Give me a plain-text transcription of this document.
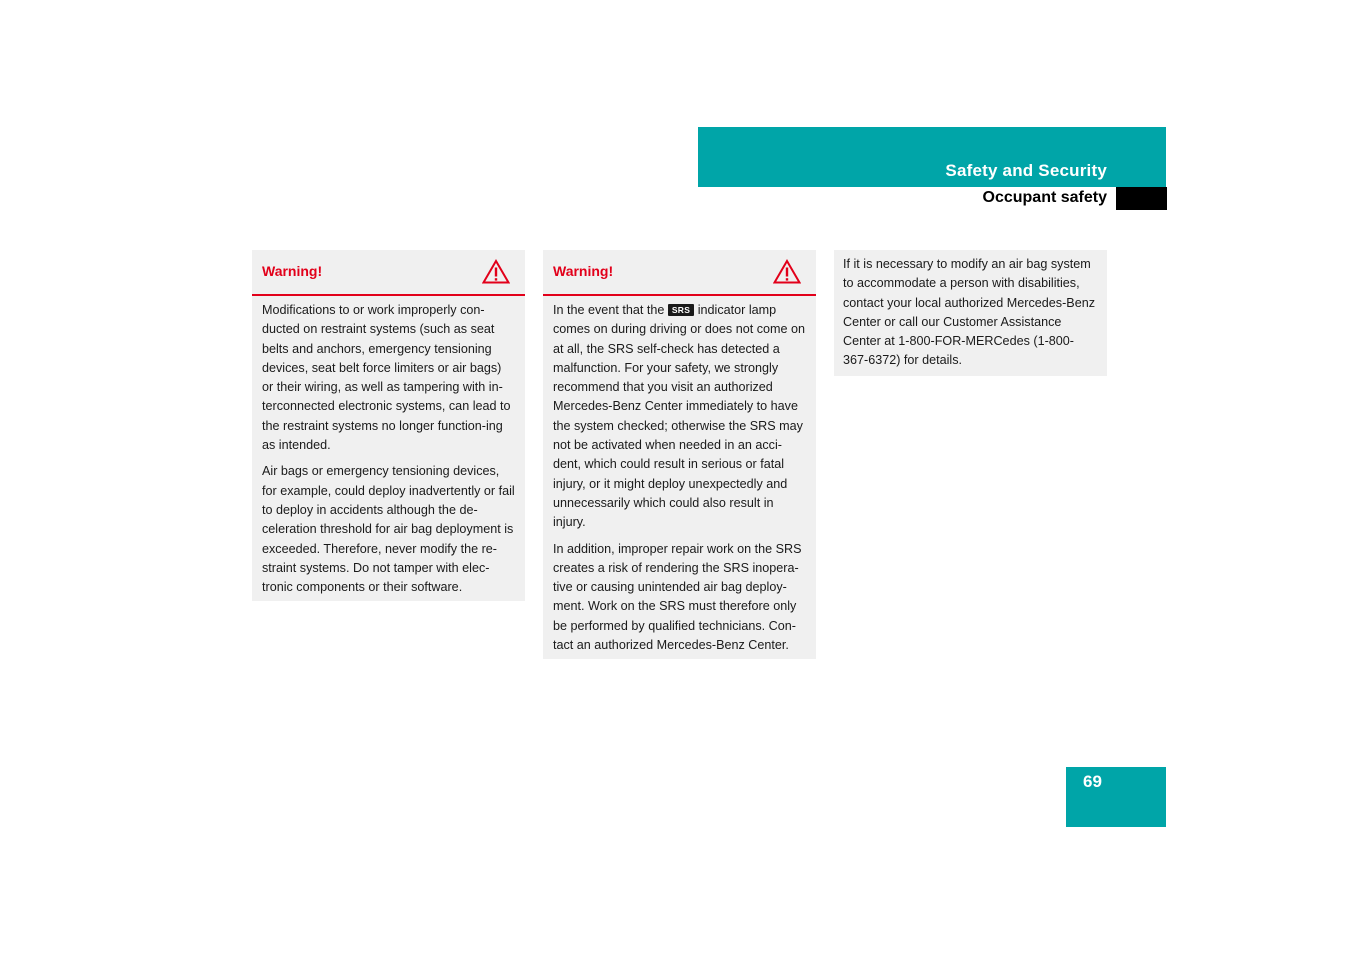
Safety and Security
Occupant safety
Warning!

Modifications to or work improperly con-ducted on restraint systems (such as seat belts and anchors, emergency tensioning devices, seat belt force limiters or air bags) or their wiring, as well as tampering with in-terconnected electronic systems, can lead to the restraint systems no longer function-ing as intended.

Air bags or emergency tensioning devices, for example, could deploy inadvertently or fail to deploy in accidents although the de-celeration threshold for air bag deployment is exceeded. Therefore, never modify the re-straint systems. Do not tamper with elec-tronic components or their software.

Warning!

In the event that the SRS indicator lamp comes on during driving or does not come on at all, the SRS self-check has detected a malfunction. For your safety, we strongly recommend that you visit an authorized Mercedes-Benz Center immediately to have the system checked; otherwise the SRS may not be activated when needed in an acci-dent, which could result in serious or fatal injury, or it might deploy unexpectedly and unnecessarily which could also result in injury.

In addition, improper repair work on the SRS creates a risk of rendering the SRS inopera-tive or causing unintended air bag deploy-ment. Work on the SRS must therefore only be performed by qualified technicians. Con-tact an authorized Mercedes-Benz Center.

If it is necessary to modify an air bag system to accommodate a person with disabilities, contact your local authorized Mercedes-Benz Center or call our Customer Assistance Center at 1-800-FOR-MERCedes (1-800-367-6372) for details.

69
